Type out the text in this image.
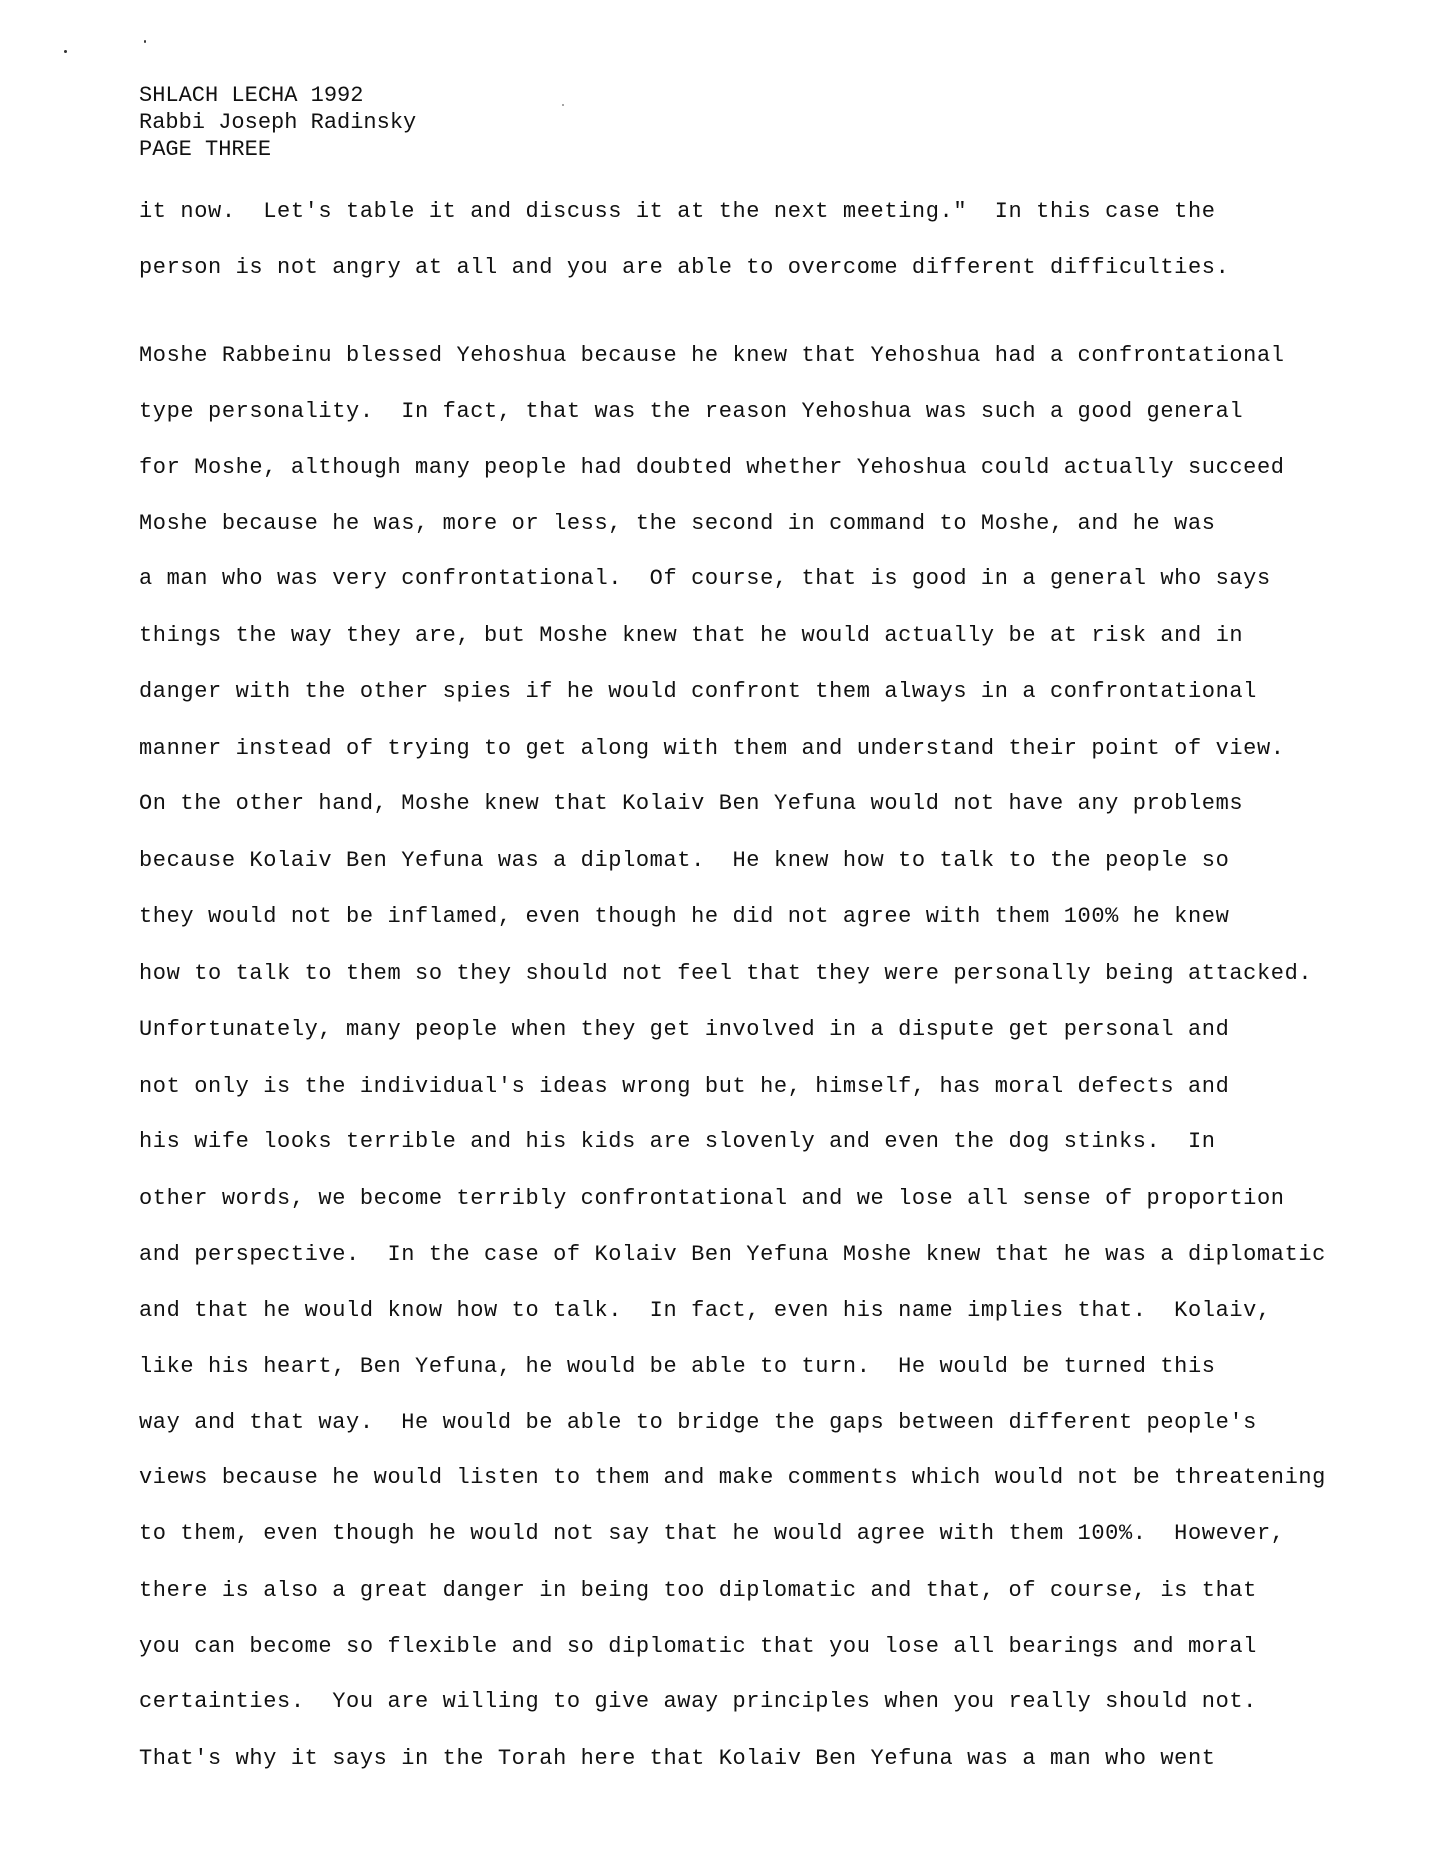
SHLACH LECHA 1992
Rabbi Joseph Radinsky
PAGE THREE
it now.  Let's table it and discuss it at the next meeting."  In this case the
person is not angry at all and you are able to overcome different difficulties.
Moshe Rabbeinu blessed Yehoshua because he knew that Yehoshua had a confrontational
type personality.  In fact, that was the reason Yehoshua was such a good general
for Moshe, although many people had doubted whether Yehoshua could actually succeed
Moshe because he was, more or less, the second in command to Moshe, and he was
a man who was very confrontational.  Of course, that is good in a general who says
things the way they are, but Moshe knew that he would actually be at risk and in
danger with the other spies if he would confront them always in a confrontational
manner instead of trying to get along with them and understand their point of view.
On the other hand, Moshe knew that Kolaiv Ben Yefuna would not have any problems
because Kolaiv Ben Yefuna was a diplomat.  He knew how to talk to the people so
they would not be inflamed, even though he did not agree with them 100% he knew
how to talk to them so they should not feel that they were personally being attacked.
Unfortunately, many people when they get involved in a dispute get personal and
not only is the individual's ideas wrong but he, himself, has moral defects and
his wife looks terrible and his kids are slovenly and even the dog stinks.  In
other words, we become terribly confrontational and we lose all sense of proportion
and perspective.  In the case of Kolaiv Ben Yefuna Moshe knew that he was a diplomatic
and that he would know how to talk.  In fact, even his name implies that.  Kolaiv,
like his heart, Ben Yefuna, he would be able to turn.  He would be turned this
way and that way.  He would be able to bridge the gaps between different people's
views because he would listen to them and make comments which would not be threatening
to them, even though he would not say that he would agree with them 100%.  However,
there is also a great danger in being too diplomatic and that, of course, is that
you can become so flexible and so diplomatic that you lose all bearings and moral
certainties.  You are willing to give away principles when you really should not.
That's why it says in the Torah here that Kolaiv Ben Yefuna was a man who went
